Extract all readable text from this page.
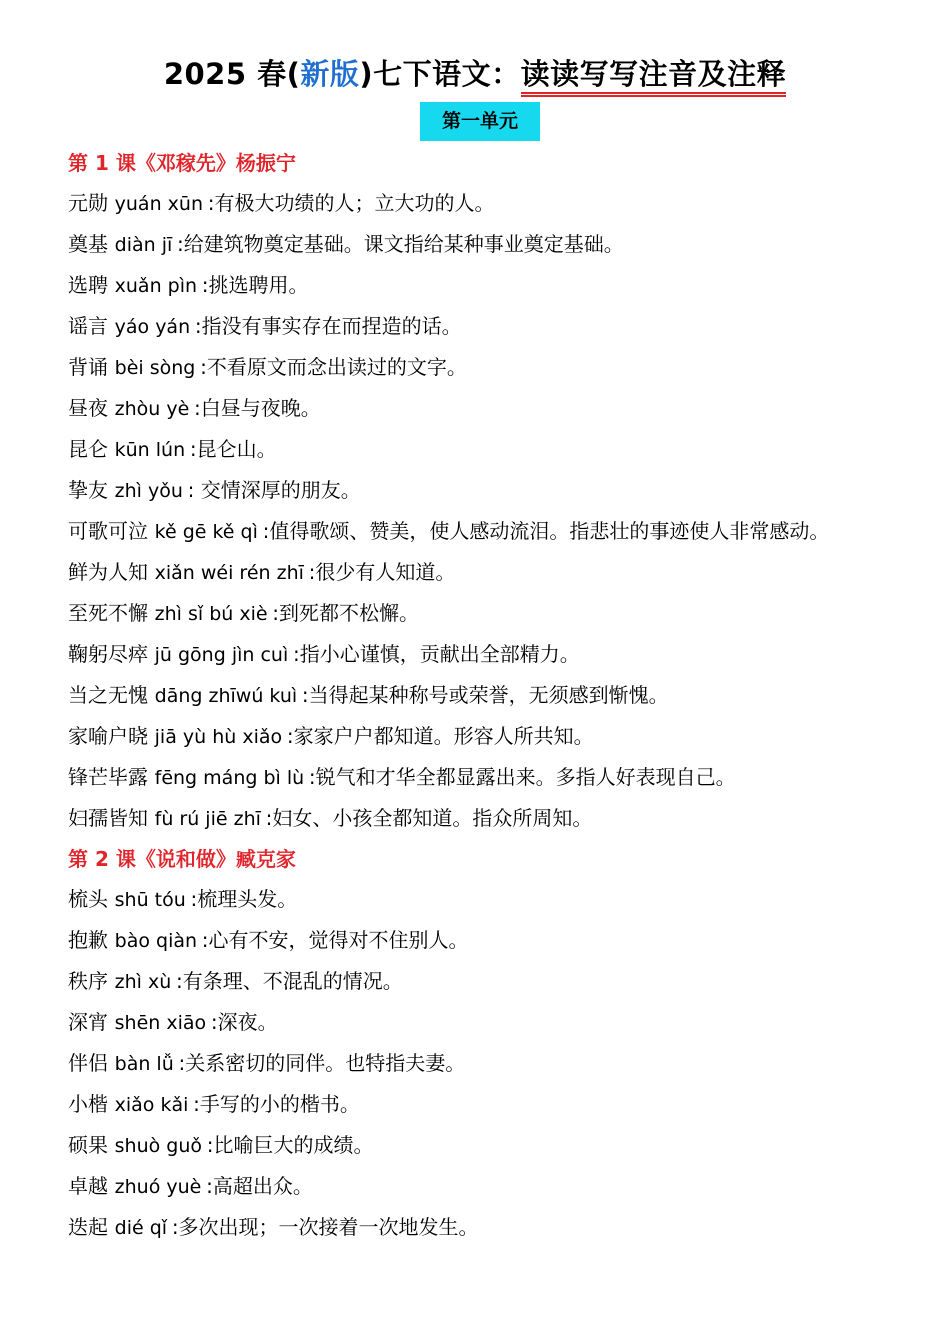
2025 春(新版)七下语文：读读写写注音及注释
第一单元
第 1 课《邓稼先》杨振宁
元勋 yuán xūn :有极大功绩的人；立大功的人。
奠基 diàn jī :给建筑物奠定基础。课文指给某种事业奠定基础。
选聘 xuǎn pìn :挑选聘用。
谣言 yáo yán :指没有事实存在而捏造的话。
背诵 bèi sòng :不看原文而念出读过的文字。
昼夜 zhòu yè :白昼与夜晚。
昆仑 kūn lún :昆仑山。
挚友 zhì yǒu : 交情深厚的朋友。
可歌可泣 kě gē kě qì :值得歌颂、赞美，使人感动流泪。指悲壮的事迹使人非常感动。
鲜为人知 xiǎn wéi rén zhī :很少有人知道。
至死不懈 zhì sǐ bú xiè :到死都不松懈。
鞠躬尽瘁 jū gōng jìn cuì :指小心谨慎，贡献出全部精力。
当之无愧 dāng zhīwú kuì :当得起某种称号或荣誉，无须感到惭愧。
家喻户晓 jiā yù hù xiǎo :家家户户都知道。形容人所共知。
锋芒毕露 fēng máng bì lù :锐气和才华全都显露出来。多指人好表现自己。
妇孺皆知 fù rú jiē zhī :妇女、小孩全都知道。指众所周知。
第 2 课《说和做》臧克家
梳头 shū tóu :梳理头发。
抱歉 bào qiàn :心有不安，觉得对不住别人。
秩序 zhì xù :有条理、不混乱的情况。
深宵 shēn xiāo :深夜。
伴侣 bàn lǚ :关系密切的同伴。也特指夫妻。
小楷 xiǎo kǎi :手写的小的楷书。
硕果 shuò guǒ :比喻巨大的成绩。
卓越 zhuó yuè :高超出众。
迭起 dié qǐ :多次出现；一次接着一次地发生。
